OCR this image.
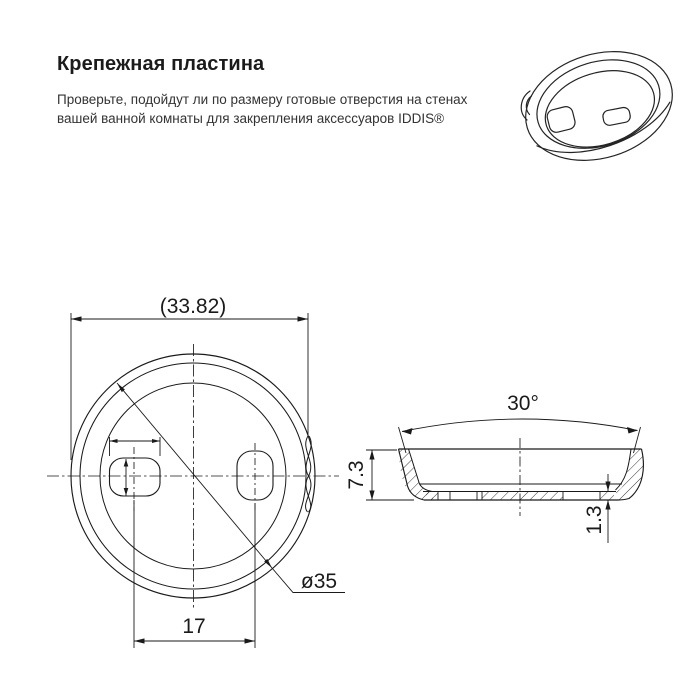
Крепежная пластина

Проверьте, подойдут ли по размеру готовые отверстия на стенах
вашей ванной комнаты для закрепления аксессуаров IDDIS®

(33.82)
17
ø35
30°
7.3
1.3
